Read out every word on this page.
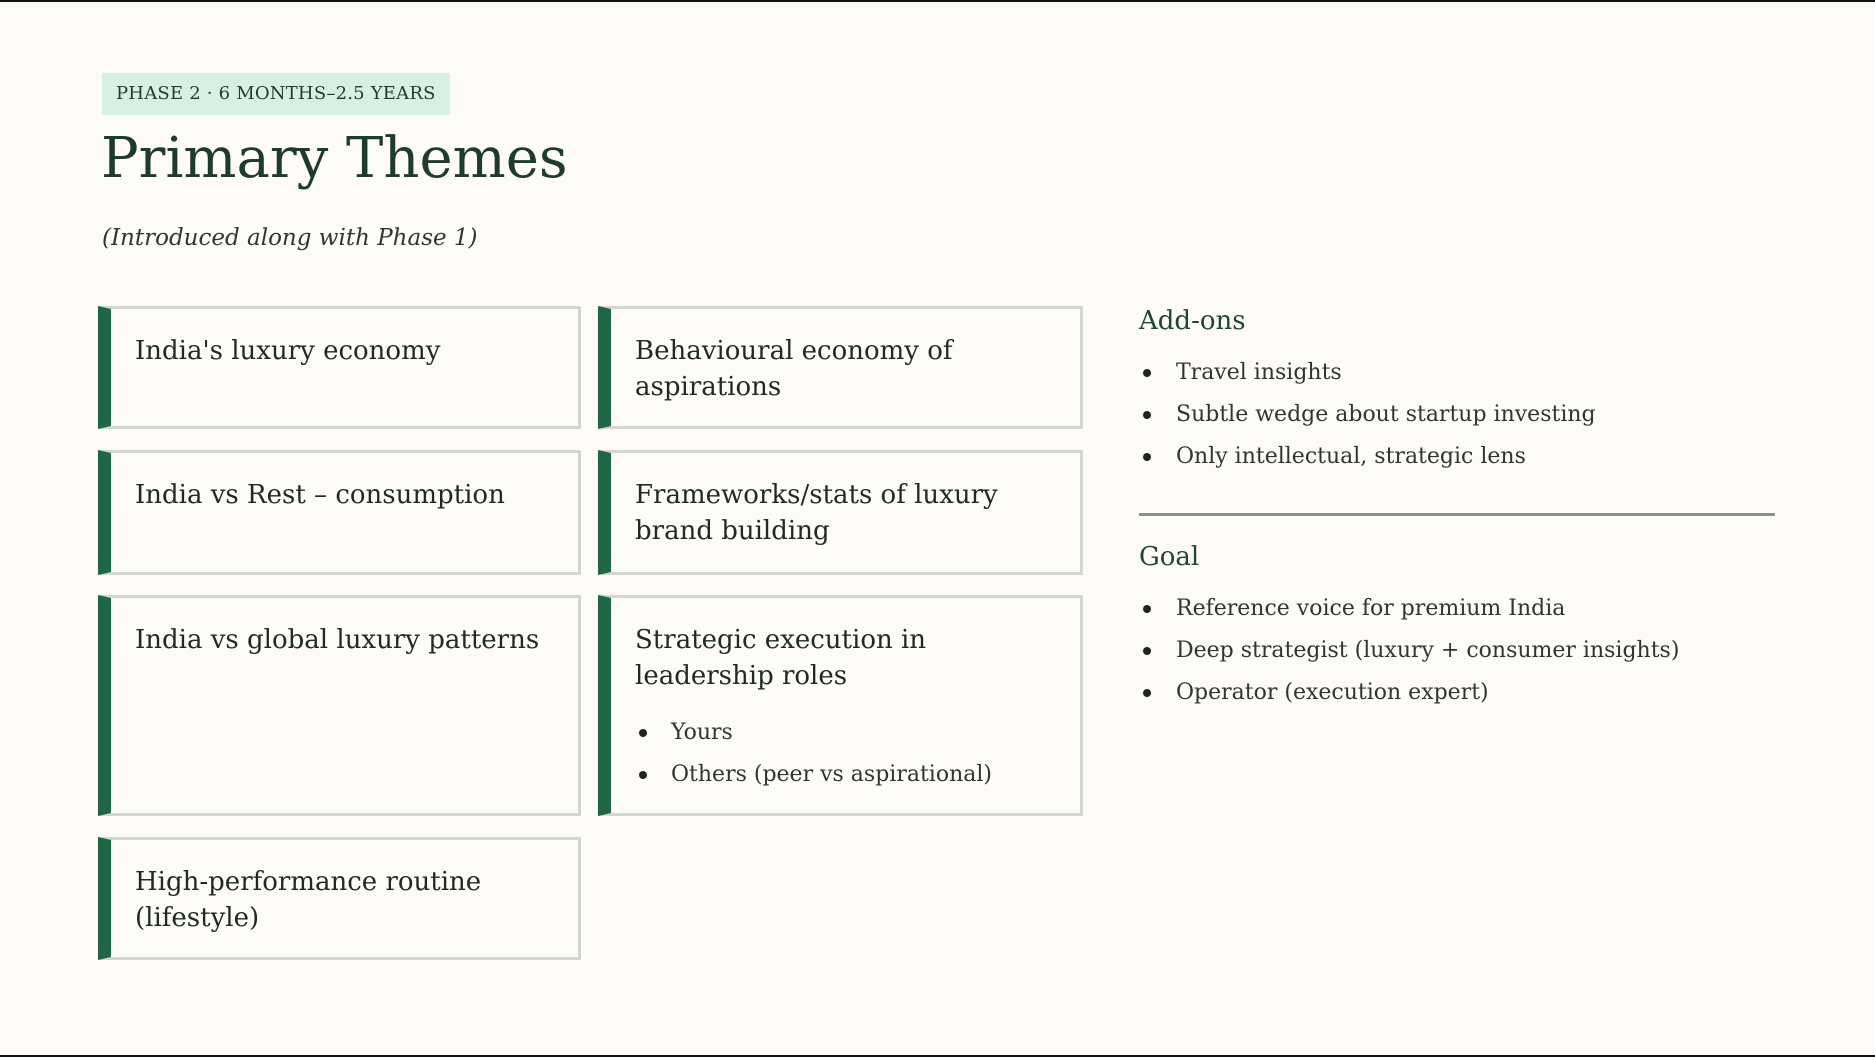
PHASE 2 · 6 MONTHS–2.5 YEARS
Primary Themes
(Introduced along with Phase 1)
India's luxury economy	Behavioural economy of aspirations
India vs Rest – consumption	Frameworks/stats of luxury brand building
India vs global luxury patterns	Strategic execution in leadership roles
Yours
Others (peer vs aspirational)
High-performance routine (lifestyle)
Add-ons
Travel insights
Subtle wedge about startup investing
Only intellectual, strategic lens
Goal
Reference voice for premium India
Deep strategist (luxury + consumer insights)
Operator (execution expert)
